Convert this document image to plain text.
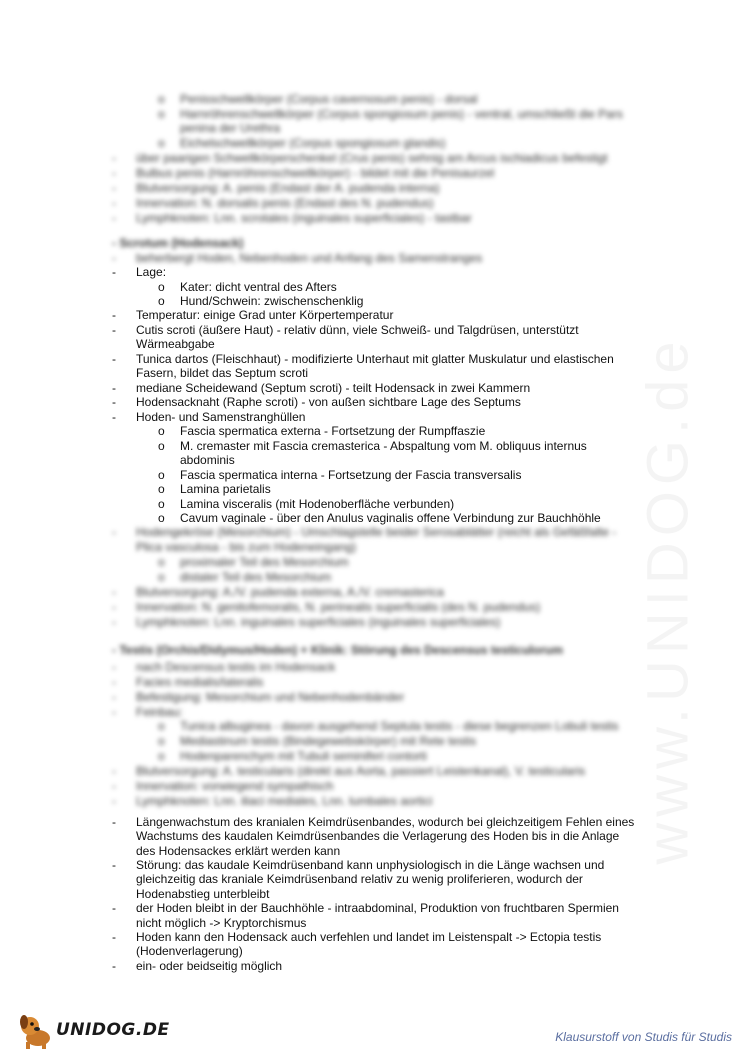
o Penisschwellkörper (Corpus cavernosum penis) - dorsal
o Harnröhrenschwellkörper (Corpus spongiosum penis) - ventral, umschließt die Pars
penina der Urethra
o Eichelschwellkörper (Corpus spongiosum glandis)
- über paarigen Schwellkörperschenkel (Crus penis) sehnig am Arcus ischiadicus befestigt
- Bulbus penis (Harnröhrenschwellkörper) - bildet mit die Penisaurzel
- Blutversorgung: A. penis (Endast der A. pudenda interna)
- Innervation: N. dorsalis penis (Endast des N. pudendus)
- Lymphknoten: Lnn. scrotales (inguinales superficiales) - tastbar
- Scrotum (Hodensack)
- beherbergt Hoden, Nebenhoden und Anfang des Samenstranges
- Lage:
o Kater: dicht ventral des Afters
o Hund/Schwein: zwischenschenklig
- Temperatur: einige Grad unter Körpertemperatur
- Cutis scroti (äußere Haut) - relativ dünn, viele Schweiß- und Talgdrüsen, unterstützt
Wärmeabgabe
- Tunica dartos (Fleischhaut) - modifizierte Unterhaut mit glatter Muskulatur und elastischen
Fasern, bildet das Septum scroti
- mediane Scheidewand (Septum scroti) - teilt Hodensack in zwei Kammern
- Hodensacknaht (Raphe scroti) - von außen sichtbare Lage des Septums
- Hoden- und Samenstranghüllen
o Fascia spermatica externa - Fortsetzung der Rumpffaszie
o M. cremaster mit Fascia cremasterica - Abspaltung vom M. obliquus internus
abdominis
o Fascia spermatica interna - Fortsetzung der Fascia transversalis
o Lamina parietalis
o Lamina visceralis (mit Hodenoberfläche verbunden)
o Cavum vaginale - über den Anulus vaginalis offene Verbindung zur Bauchhöhle
- Hodengekröse (Mesorchium) - Umschlagstelle beider Serosablätter (reicht als Gefäßfalte -
Plica vasculosa - bis zum Hodeneingang)
o proximaler Teil des Mesorchium
o distaler Teil des Mesorchium
- Blutversorgung: A./V. pudenda externa, A./V. cremasterica
- Innervation: N. genitofemoralis, N. perinealis superficialis (des N. pudendus)
- Lymphknoten: Lnn. inguinales superficiales (inguinales superficiales)
- Testis (Orchis/Didymus/Hoden) + Klinik: Störung des Descensus testiculorum
- nach Descensus testis im Hodensack
- Facies medialis/lateralis
- Befestigung: Mesorchium und Nebenhodenbänder
- Feinbau:
o Tunica albuginea - davon ausgehend Septula testis - diese begrenzen Lobuli testis
o Mediastinum testis (Bindegewebskörper) mit Rete testis
o Hodenparenchym mit Tubuli seminiferi contorti
- Blutversorgung: A. testicularis (direkt aus Aorta, passiert Leistenkanal), V. testicularis
- Innervation: vorwiegend sympathisch
- Lymphknoten: Lnn. iliaci mediales, Lnn. lumbales aortici
- Längenwachstum des kranialen Keimdrüsenbandes, wodurch bei gleichzeitigem Fehlen eines
Wachstums des kaudalen Keimdrüsenbandes die Verlagerung des Hoden bis in die Anlage
des Hodensackes erklärt werden kann
- Störung: das kaudale Keimdrüsenband kann unphysiologisch in die Länge wachsen und
gleichzeitig das kraniale Keimdrüsenband relativ zu wenig proliferieren, wodurch der
Hodenabstieg unterbleibt
- der Hoden bleibt in der Bauchhöhle - intraabdominal, Produktion von fruchtbaren Spermien
nicht möglich -> Kryptorchismus
- Hoden kann den Hodensack auch verfehlen und landet im Leistenspalt -> Ectopia testis
(Hodenverlagerung)
- ein- oder beidseitig möglich
UNIDOG.DE	Klausurstoff von Studis für Studis
